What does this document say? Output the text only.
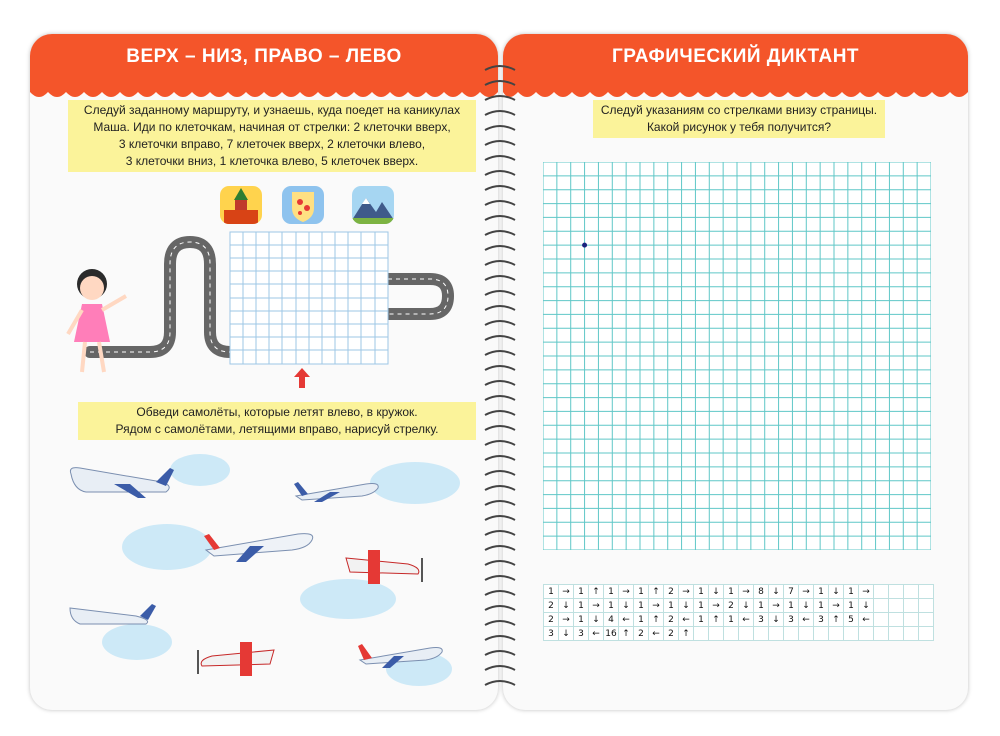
ВЕРХ – НИЗ, ПРАВО – ЛЕВО
Следуй заданному маршруту, и узнаешь, куда поедет на каникулах
Маша. Иди по клеточкам, начиная от стрелки: 2 клеточки вверх,
3 клеточки вправо, 7 клеточек вверх, 2 клеточки влево,
3 клеточки вниз, 1 клеточка влево, 5 клеточек вверх.
Обведи самолёты, которые летят влево, в кружок.
Рядом с самолётами, летящими вправо, нарисуй стрелку.
ГРАФИЧЕСКИЙ ДИКТАНТ
Следуй указаниям со стрелками внизу страницы.
Какой рисунок у тебя получится?
1	→	1	↑	1	→	1	↑	2	→	1	↓	1	→	8	↓	7	→	1	↓	1	→				
2	↓	1	→	1	↓	1	→	1	↓	1	→	2	↓	1	→	1	↓	1	→	1	↓				
2	→	1	↓	4	←	1	↑	2	←	1	↑	1	←	3	↓	3	←	3	↑	5	←				
3	↓	3	←	16	↑	2	←	2	↑																
